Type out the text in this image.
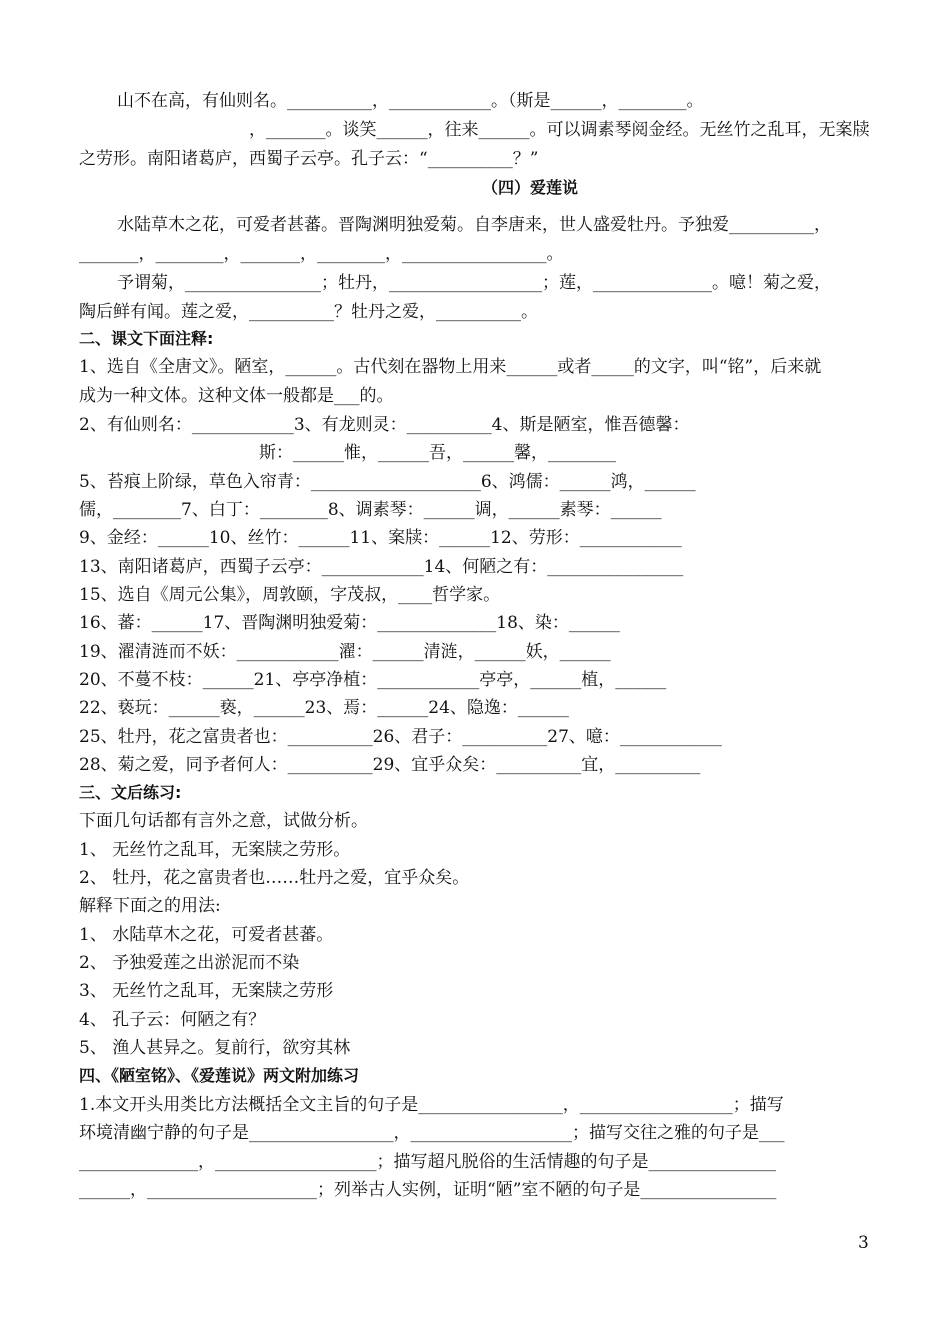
山不在高，有仙则名。__________，____________。（斯是______，________。
，_______。谈笑______，往来______。可以调素琴阅金经。无丝竹之乱耳，无案牍
之劳形。南阳诸葛庐，西蜀子云亭。孔子云：“__________？”
（四）爱莲说
水陆草木之花，可爱者甚蕃。晋陶渊明独爱菊。自李唐来，世人盛爱牡丹。予独爱__________，
_______，________，_______，________，_________________。
予谓菊，________________；牡丹，__________________；莲，______________。噫！菊之爱，
陶后鲜有闻。莲之爱，__________？牡丹之爱，__________。
二、课文下面注释:
1、选自《全唐文》。陋室，______。古代刻在器物上用来______或者_____的文字，叫“铭”，后来就
成为一种文体。这种文体一般都是___的。
2、有仙则名：____________3、有龙则灵：__________4、斯是陋室，惟吾德馨：
斯：______惟，______吾，______馨，________
5、苔痕上阶绿，草色入帘青：____________________6、鸿儒：______鸿，______
儒，________7、白丁：________8、调素琴：______调，______素琴：______
9、金经：______10、丝竹：______11、案牍：______12、劳形：____________
13、南阳诸葛庐，西蜀子云亭：____________14、何陋之有：________________
15、选自《周元公集》，周敦颐，字茂叔，____哲学家。
16、蕃：______17、晋陶渊明独爱菊：______________18、染：______
19、濯清涟而不妖：____________濯：______清涟，______妖，______
20、不蔓不枝：______21、亭亭净植：____________亭亭，______植，______
22、亵玩：______亵，______23、焉：______24、隐逸：______
25、牡丹，花之富贵者也：__________26、君子：__________27、噫：____________
28、菊之爱，同予者何人：__________29、宜乎众矣：__________宜，__________
三、文后练习:
下面几句话都有言外之意，试做分析。
1、 无丝竹之乱耳，无案牍之劳形。
2、 牡丹，花之富贵者也……牡丹之爱，宜乎众矣。
解释下面之的用法:
1、 水陆草木之花，可爱者甚蕃。
2、 予独爱莲之出淤泥而不染
3、 无丝竹之乱耳，无案牍之劳形
4、 孔子云：何陋之有？
5、 渔人甚异之。复前行，欲穷其林
四、《陋室铭》、《爱莲说》两文附加练习
1.本文开头用类比方法概括全文主旨的句子是_________________，__________________；描写
环境清幽宁静的句子是_________________，___________________；描写交往之雅的句子是___
______________，___________________；描写超凡脱俗的生活情趣的句子是_______________
______，____________________；列举古人实例，证明“陋”室不陋的句子是________________
3
